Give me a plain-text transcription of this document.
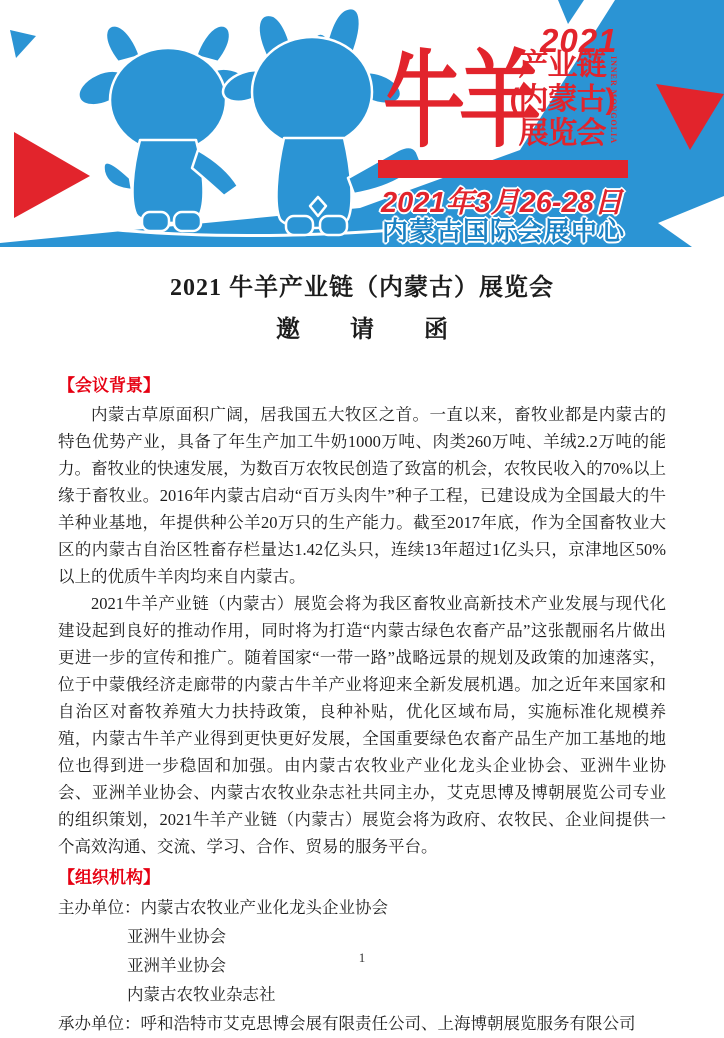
2021
牛羊
产业链
(内蒙古)
展览会 INNER MONGOLIA
2021年3月26-28日
内蒙古国际会展中心
2021 牛羊产业链（内蒙古）展览会
邀 请 函
【会议背景】

内蒙古草原面积广阔，居我国五大牧区之首。一直以来，畜牧业都是内蒙古的特色优势产业，具备了年生产加工牛奶1000万吨、肉类260万吨、羊绒2.2万吨的能力。畜牧业的快速发展，为数百万农牧民创造了致富的机会，农牧民收入的70%以上缘于畜牧业。2016年内蒙古启动“百万头肉牛”种子工程，已建设成为全国最大的牛羊种业基地，年提供种公羊20万只的生产能力。截至2017年底，作为全国畜牧业大区的内蒙古自治区牲畜存栏量达1.42亿头只，连续13年超过1亿头只，京津地区50%以上的优质牛羊肉均来自内蒙古。

2021牛羊产业链（内蒙古）展览会将为我区畜牧业高新技术产业发展与现代化建设起到良好的推动作用，同时将为打造“内蒙古绿色农畜产品”这张靓丽名片做出更进一步的宣传和推广。随着国家“一带一路”战略远景的规划及政策的加速落实，位于中蒙俄经济走廊带的内蒙古牛羊产业将迎来全新发展机遇。加之近年来国家和自治区对畜牧养殖大力扶持政策，良种补贴，优化区域布局，实施标准化规模养殖，内蒙古牛羊产业得到更快更好发展，全国重要绿色农畜产品生产加工基地的地位也得到进一步稳固和加强。由内蒙古农牧业产业化龙头企业协会、亚洲牛业协会、亚洲羊业协会、内蒙古农牧业杂志社共同主办，艾克思博及博朝展览公司专业的组织策划，2021牛羊产业链（内蒙古）展览会将为政府、农牧民、企业间提供一个高效沟通、交流、学习、合作、贸易的服务平台。

【组织机构】
主办单位：内蒙古农牧业产业化龙头企业协会
亚洲牛业协会
亚洲羊业协会
内蒙古农牧业杂志社
承办单位：呼和浩特市艾克思博会展有限责任公司、上海博朝展览服务有限公司
1
